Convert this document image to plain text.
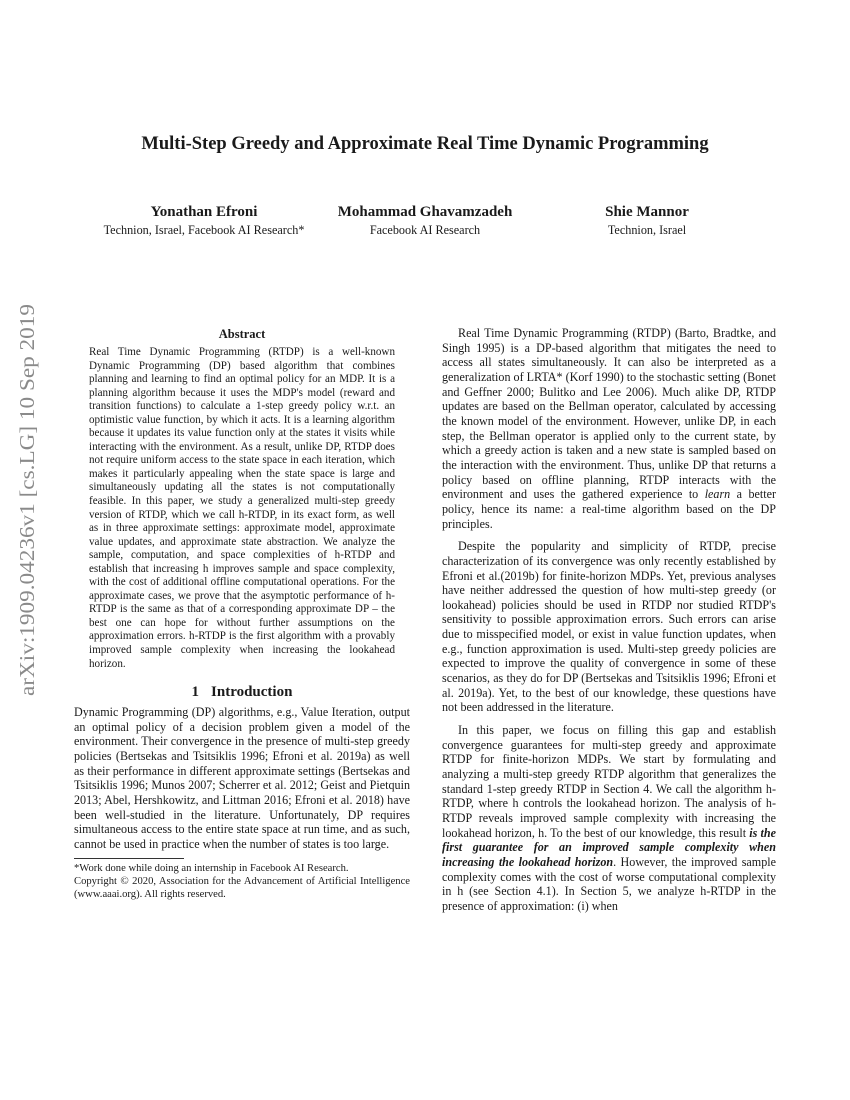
arXiv:1909.04236v1 [cs.LG] 10 Sep 2019
Multi-Step Greedy and Approximate Real Time Dynamic Programming
Yonathan Efroni
Technion, Israel, Facebook AI Research*
Mohammad Ghavamzadeh
Facebook AI Research
Shie Mannor
Technion, Israel
Abstract
Real Time Dynamic Programming (RTDP) is a well-known Dynamic Programming (DP) based algorithm that combines planning and learning to find an optimal policy for an MDP. It is a planning algorithm because it uses the MDP's model (reward and transition functions) to calculate a 1-step greedy policy w.r.t. an optimistic value function, by which it acts. It is a learning algorithm because it updates its value function only at the states it visits while interacting with the environment. As a result, unlike DP, RTDP does not require uniform access to the state space in each iteration, which makes it particularly appealing when the state space is large and simultaneously updating all the states is not computationally feasible. In this paper, we study a generalized multi-step greedy version of RTDP, which we call h-RTDP, in its exact form, as well as in three approximate settings: approximate model, approximate value updates, and approximate state abstraction. We analyze the sample, computation, and space complexities of h-RTDP and establish that increasing h improves sample and space complexity, with the cost of additional offline computational operations. For the approximate cases, we prove that the asymptotic performance of h-RTDP is the same as that of a corresponding approximate DP – the best one can hope for without further assumptions on the approximation errors. h-RTDP is the first algorithm with a provably improved sample complexity when increasing the lookahead horizon.
1 Introduction

Dynamic Programming (DP) algorithms, e.g., Value Iteration, output an optimal policy of a decision problem given a model of the environment. Their convergence in the presence of multi-step greedy policies (Bertsekas and Tsitsiklis 1996; Efroni et al. 2019a) as well as their performance in different approximate settings (Bertsekas and Tsitsiklis 1996; Munos 2007; Scherrer et al. 2012; Geist and Pietquin 2013; Abel, Hershkowitz, and Littman 2016; Efroni et al. 2018) have been well-studied in the literature. Unfortunately, DP requires simultaneous access to the entire state space at run time, and as such, cannot be used in practice when the number of states is too large.

*Work done while doing an internship in Facebook AI Research.
Copyright © 2020, Association for the Advancement of Artificial Intelligence (www.aaai.org). All rights reserved.

Real Time Dynamic Programming (RTDP) (Barto, Bradtke, and Singh 1995) is a DP-based algorithm that mitigates the need to access all states simultaneously. It can also be interpreted as a generalization of LRTA* (Korf 1990) to the stochastic setting (Bonet and Geffner 2000; Bulitko and Lee 2006). Much alike DP, RTDP updates are based on the Bellman operator, calculated by accessing the known model of the environment. However, unlike DP, in each step, the Bellman operator is applied only to the current state, by which a greedy action is taken and a new state is sampled based on the interaction with the environment. Thus, unlike DP that returns a policy based on offline planning, RTDP interacts with the environment and uses the gathered experience to learn a better policy, hence its name: a real-time algorithm based on the DP principles.

Despite the popularity and simplicity of RTDP, precise characterization of its convergence was only recently established by Efroni et al.(2019b) for finite-horizon MDPs. Yet, previous analyses have neither addressed the question of how multi-step greedy (or lookahead) policies should be used in RTDP nor studied RTDP's sensitivity to possible approximation errors. Such errors can arise due to misspecified model, or exist in value function updates, when e.g., function approximation is used. Multi-step greedy policies are expected to improve the quality of convergence in some of these scenarios, as they do for DP (Bertsekas and Tsitsiklis 1996; Efroni et al. 2019a). Yet, to the best of our knowledge, these questions have not been addressed in the literature.

In this paper, we focus on filling this gap and establish convergence guarantees for multi-step greedy and approximate RTDP for finite-horizon MDPs. We start by formulating and analyzing a multi-step greedy RTDP algorithm that generalizes the standard 1-step greedy RTDP in Section 4. We call the algorithm h-RTDP, where h controls the lookahead horizon. The analysis of h-RTDP reveals improved sample complexity with increasing the lookahead horizon, h. To the best of our knowledge, this result is the first guarantee for an improved sample complexity when increasing the lookahead horizon. However, the improved sample complexity comes with the cost of worse computational complexity in h (see Section 4.1). In Section 5, we analyze h-RTDP in the presence of approximation: (i) when
